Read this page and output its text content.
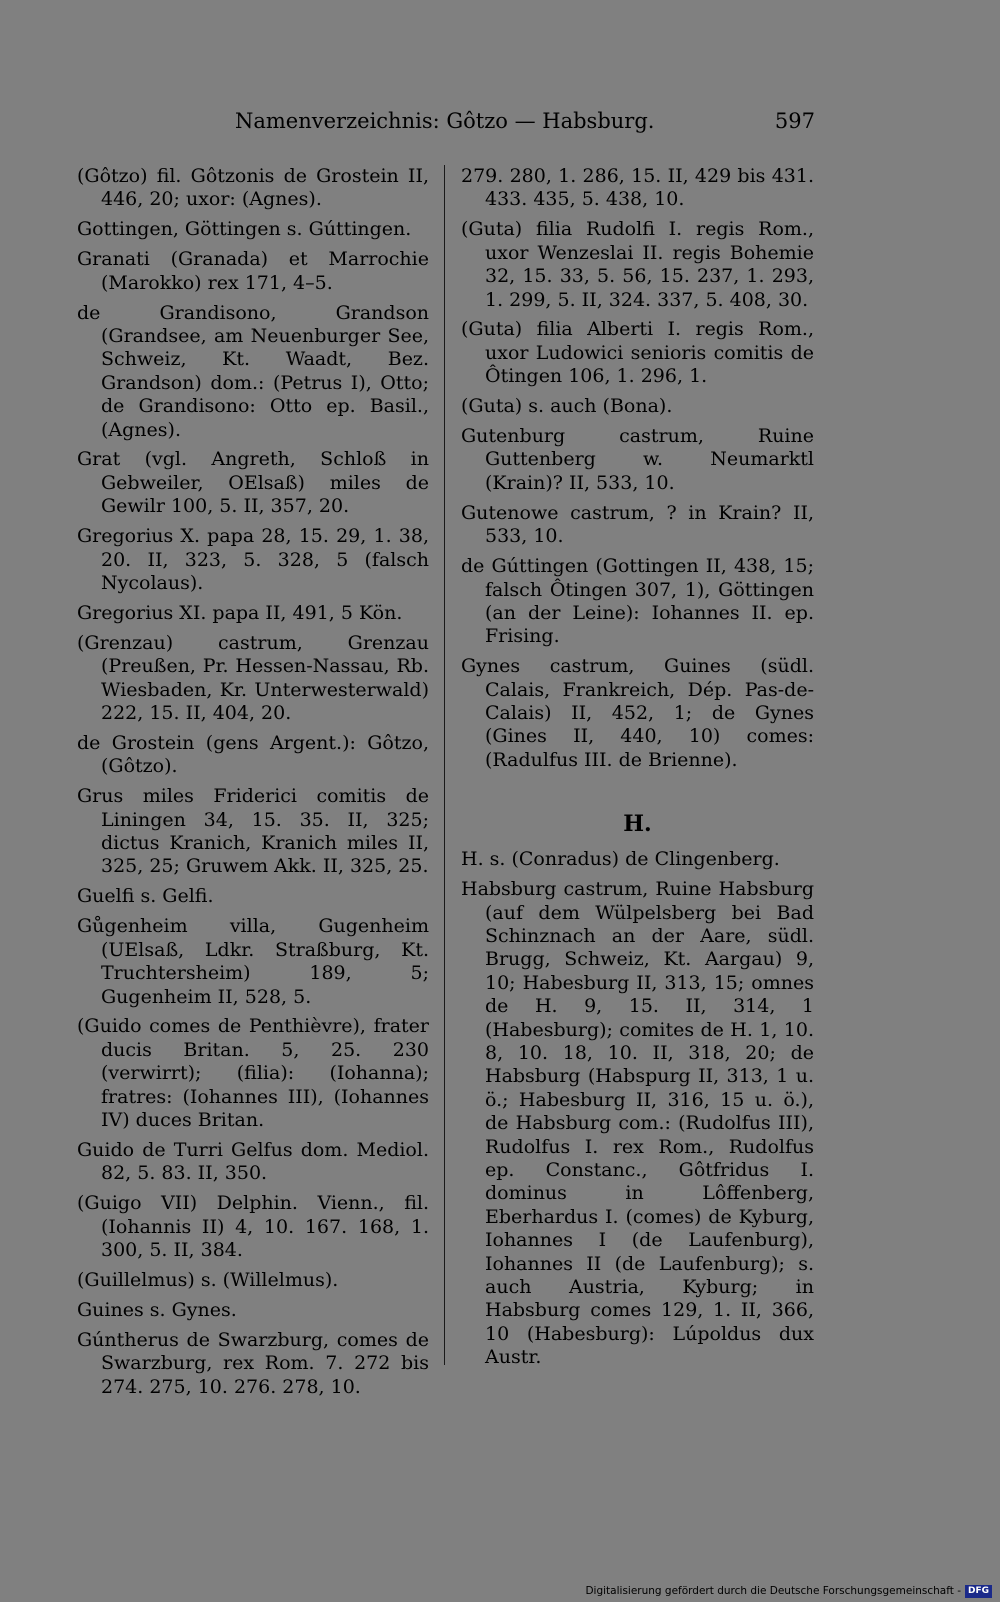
Namenverzeichnis: Gôtzo — Habsburg.	597

(Gôtzo) fil. Gôtzonis de Grostein II, 446, 20; uxor: (Agnes).

Gottingen, Göttingen s. Gúttingen.

Granati (Granada) et Marrochie (Marokko) rex 171, 4–5.

de Grandisono, Grandson (Grandsee, am Neuenburger See, Schweiz, Kt. Waadt, Bez. Grandson) dom.: (Petrus I), Otto; de Grandisono: Otto ep. Basil., (Agnes).

Grat (vgl. Angreth, Schloß in Gebweiler, OElsaß) miles de Gewilr 100, 5. II, 357, 20.

Gregorius X. papa 28, 15. 29, 1. 38, 20. II, 323, 5. 328, 5 (falsch Nycolaus).

Gregorius XI. papa II, 491, 5 Kön.

(Grenzau) castrum, Grenzau (Preußen, Pr. Hessen-Nassau, Rb. Wiesbaden, Kr. Unterwesterwald) 222, 15. II, 404, 20.

de Grostein (gens Argent.): Gôtzo, (Gôtzo).

Grus miles Friderici comitis de Liningen 34, 15. 35. II, 325; dictus Kranich, Kranich miles II, 325, 25; Gruwem Akk. II, 325, 25.

Guelfi s. Gelfi.

Gůgenheim villa, Gugenheim (UElsaß, Ldkr. Straßburg, Kt. Truchtersheim) 189, 5; Gugenheim II, 528, 5.

(Guido comes de Penthièvre), frater ducis Britan. 5, 25. 230 (verwirrt); (filia): (Iohanna); fratres: (Iohannes III), (Iohannes IV) duces Britan.

Guido de Turri Gelfus dom. Mediol. 82, 5. 83. II, 350.

(Guigo VII) Delphin. Vienn., fil. (Iohannis II) 4, 10. 167. 168, 1. 300, 5. II, 384.

(Guillelmus) s. (Willelmus).

Guines s. Gynes.

Gúntherus de Swarzburg, comes de Swarzburg, rex Rom. 7. 272 bis 274. 275, 10. 276. 278, 10.

279. 280, 1. 286, 15. II, 429 bis 431. 433. 435, 5. 438, 10.

(Guta) filia Rudolfi I. regis Rom., uxor Wenzeslai II. regis Bohemie 32, 15. 33, 5. 56, 15. 237, 1. 293, 1. 299, 5. II, 324. 337, 5. 408, 30.

(Guta) filia Alberti I. regis Rom., uxor Ludowici senioris comitis de Ôtingen 106, 1. 296, 1.

(Guta) s. auch (Bona).

Gutenburg castrum, Ruine Guttenberg w. Neumarktl (Krain)? II, 533, 10.

Gutenowe castrum, ? in Krain? II, 533, 10.

de Gúttingen (Gottingen II, 438, 15; falsch Ôtingen 307, 1), Göttingen (an der Leine): Iohannes II. ep. Frising.

Gynes castrum, Guines (südl. Calais, Frankreich, Dép. Pas-de-Calais) II, 452, 1; de Gynes (Gines II, 440, 10) comes: (Radulfus III. de Brienne).

H.

H. s. (Conradus) de Clingenberg.

Habsburg castrum, Ruine Habsburg (auf dem Wülpelsberg bei Bad Schinznach an der Aare, südl. Brugg, Schweiz, Kt. Aargau) 9, 10; Habesburg II, 313, 15; omnes de H. 9, 15. II, 314, 1 (Habesburg); comites de H. 1, 10. 8, 10. 18, 10. II, 318, 20; de Habsburg (Habspurg II, 313, 1 u. ö.; Habesburg II, 316, 15 u. ö.), de Habsburg com.: (Rudolfus III), Rudolfus I. rex Rom., Rudolfus ep. Constanc., Gôtfridus I. dominus in Lôffenberg, Eberhardus I. (comes) de Kyburg, Iohannes I (de Laufenburg), Iohannes II (de Laufenburg); s. auch Austria, Kyburg; in Habsburg comes 129, 1. II, 366, 10 (Habesburg): Lúpoldus dux Austr.

Digitalisierung gefördert durch die Deutsche Forschungsgemeinschaft - DFG
